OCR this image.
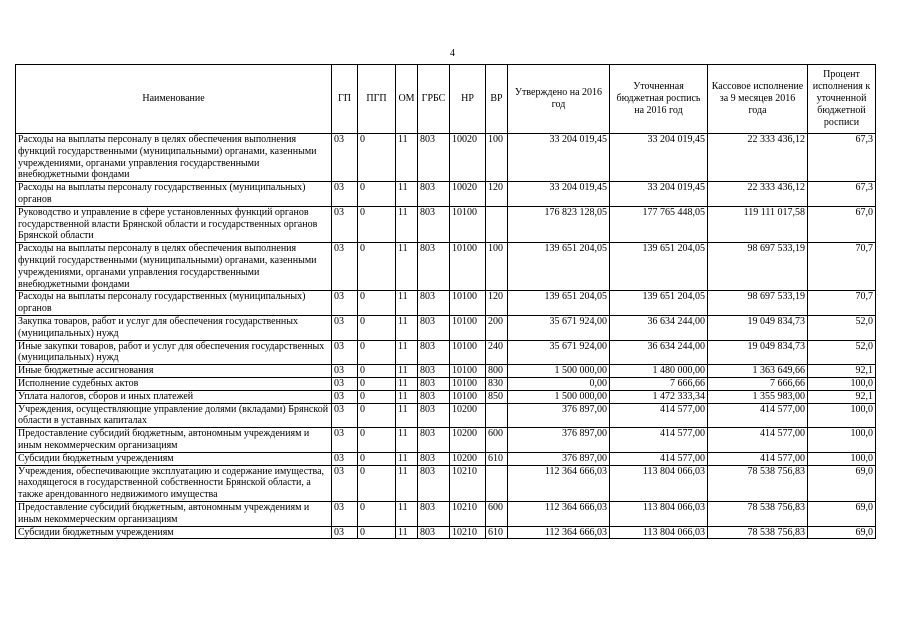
4
Наименование	ГП	ПГП	ОМ	ГРБС	НР	ВР	Утверждено на 2016 год	Уточненная бюджетная роспись на 2016 год	Кассовое исполнение за 9 месяцев 2016 года	Процент исполнения к уточненной бюджетной росписи
Расходы на выплаты персоналу в целях обеспечения выполнения функций государственными (муниципальными) органами, казенными учреждениями, органами управления государственными внебюджетными фондами	03	0	11	803	10020	100	33 204 019,45	33 204 019,45	22 333 436,12	67,3
Расходы на выплаты персоналу государственных (муниципальных) органов	03	0	11	803	10020	120	33 204 019,45	33 204 019,45	22 333 436,12	67,3
Руководство и управление в сфере установленных функций органов государственной власти Брянской области и государственных органов Брянской области	03	0	11	803	10100		176 823 128,05	177 765 448,05	119 111 017,58	67,0
Расходы на выплаты персоналу в целях обеспечения выполнения функций государственными (муниципальными) органами, казенными учреждениями, органами управления государственными внебюджетными фондами	03	0	11	803	10100	100	139 651 204,05	139 651 204,05	98 697 533,19	70,7
Расходы на выплаты персоналу государственных (муниципальных) органов	03	0	11	803	10100	120	139 651 204,05	139 651 204,05	98 697 533,19	70,7
Закупка товаров, работ и услуг для обеспечения государственных (муниципальных) нужд	03	0	11	803	10100	200	35 671 924,00	36 634 244,00	19 049 834,73	52,0
Иные закупки товаров, работ и услуг для обеспечения государственных (муниципальных) нужд	03	0	11	803	10100	240	35 671 924,00	36 634 244,00	19 049 834,73	52,0
Иные бюджетные ассигнования	03	0	11	803	10100	800	1 500 000,00	1 480 000,00	1 363 649,66	92,1
Исполнение судебных актов	03	0	11	803	10100	830	0,00	7 666,66	7 666,66	100,0
Уплата налогов, сборов и иных платежей	03	0	11	803	10100	850	1 500 000,00	1 472 333,34	1 355 983,00	92,1
Учреждения, осуществляющие управление долями (вкладами) Брянской области в уставных капиталах	03	0	11	803	10200		376 897,00	414 577,00	414 577,00	100,0
Предоставление субсидий бюджетным, автономным учреждениям и иным некоммерческим организациям	03	0	11	803	10200	600	376 897,00	414 577,00	414 577,00	100,0
Субсидии бюджетным учреждениям	03	0	11	803	10200	610	376 897,00	414 577,00	414 577,00	100,0
Учреждения, обеспечивающие эксплуатацию и содержание имущества, находящегося в государственной собственности Брянской области, а также арендованного недвижимого имущества	03	0	11	803	10210		112 364 666,03	113 804 066,03	78 538 756,83	69,0
Предоставление субсидий бюджетным, автономным учреждениям и иным некоммерческим организациям	03	0	11	803	10210	600	112 364 666,03	113 804 066,03	78 538 756,83	69,0
Субсидии бюджетным учреждениям	03	0	11	803	10210	610	112 364 666,03	113 804 066,03	78 538 756,83	69,0
